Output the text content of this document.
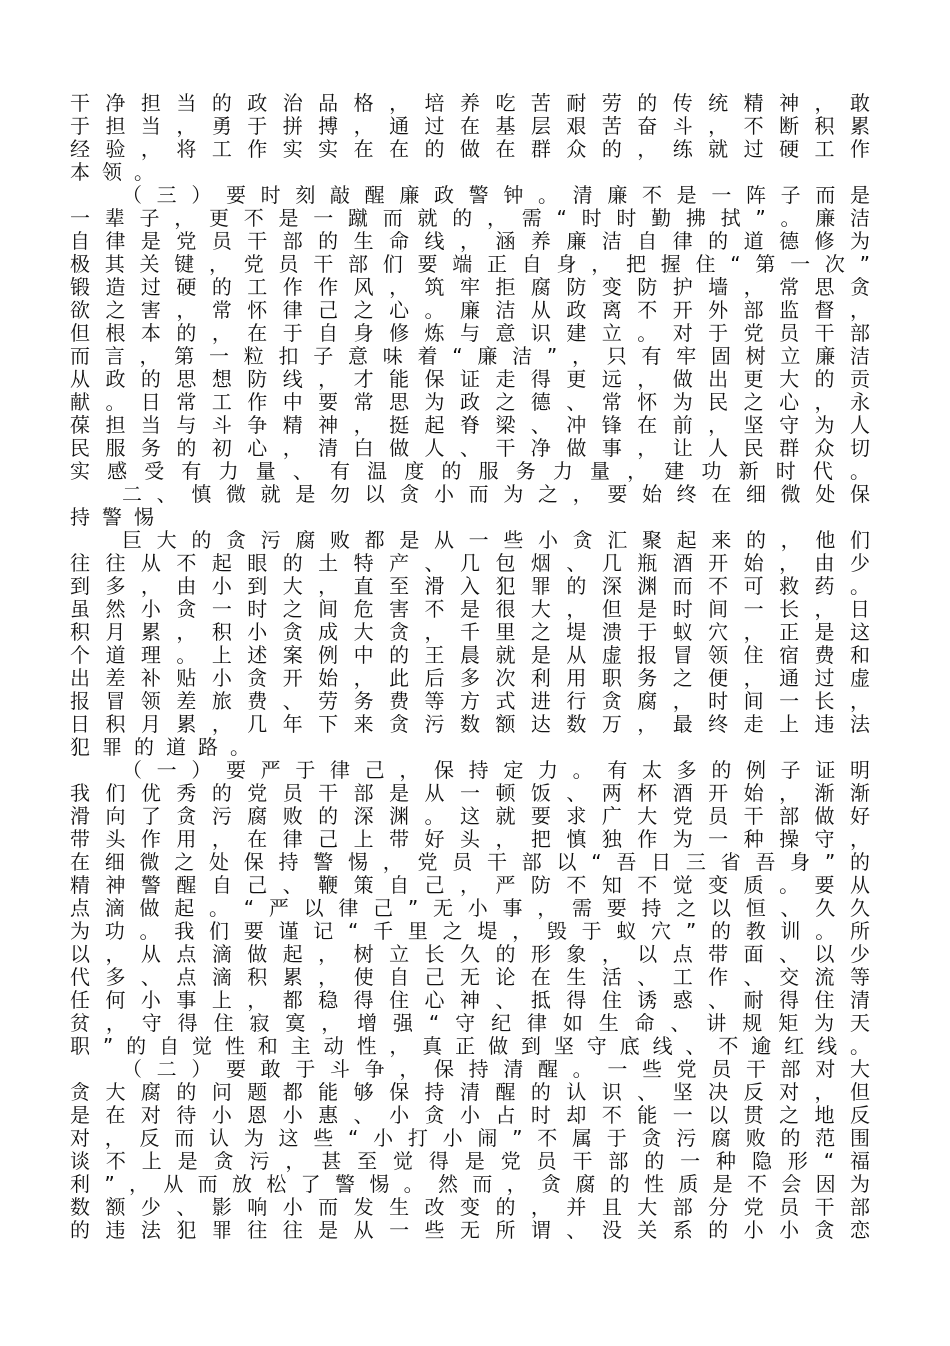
干净担当的政治品格，培养吃苦耐劳的传统精神，敢
于担当，勇于拼搏，通过在基层艰苦奋斗，不断积累
经验，将工作实实在在的做在群众的，练就过硬工作
本领。
（三）要时刻敲醒廉政警钟。清廉不是一阵子而是
一辈子，更不是一蹴而就的，需“时时勤拂拭”。廉洁
自律是党员干部的生命线，涵养廉洁自律的道德修为
极其关键，党员干部们要端正自身，把握住“第一次”
锻造过硬的工作作风，筑牢拒腐防变防护墙，常思贪
欲之害，常怀律己之心。廉洁从政离不开外部监督，
但根本的，在于自身修炼与意识建立。对于党员干部
而言，第一粒扣子意味着“廉洁”，只有牢固树立廉洁
从政的思想防线，才能保证走得更远，做出更大的贡
献。日常工作中要常思为政之德、常怀为民之心，永
葆担当与斗争精神，挺起脊梁、冲锋在前，坚守为人
民服务的初心，清白做人、干净做事，让人民群众切
实感受有力量、有温度的服务力量，建功新时代。
二、慎微就是勿以贪小而为之，要始终在细微处保
持警惕
巨大的贪污腐败都是从一些小贪汇聚起来的，他们
往往从不起眼的土特产、几包烟、几瓶酒开始，由少
到多，由小到大，直至滑入犯罪的深渊而不可救药。
虽然小贪一时之间危害不是很大，但是时间一长，日
积月累，积小贪成大贪，千里之堤溃于蚁穴，正是这
个道理。上述案例中的王晨就是从虚报冒领住宿费和
出差补贴小贪开始，此后多次利用职务之便，通过虚
报冒领差旅费、劳务费等方式进行贪腐，时间一长，
日积月累，几年下来贪污数额达数万，最终走上违法
犯罪的道路。
（一）要严于律己，保持定力。有太多的例子证明
我们优秀的党员干部是从一顿饭、两杯酒开始，渐渐
滑向了贪污腐败的深渊。这就要求广大党员干部做好
带头作用，在律己上带好头，把慎独作为一种操守，
在细微之处保持警惕，党员干部以“吾日三省吾身”的
精神警醒自己、鞭策自己，严防不知不觉变质。要从
点滴做起。“严以律己”无小事，需要持之以恒、久久
为功。我们要谨记“千里之堤，毁于蚁穴”的教训。所
以，从点滴做起，树立长久的形象，以点带面、以少
代多、点滴积累，使自己无论在生活、工作、交流等
任何小事上，都稳得住心神、抵得住诱惑、耐得住清
贫，守得住寂寞，增强“守纪律如生命、讲规矩为天
职”的自觉性和主动性，真正做到坚守底线、不逾红线。
（二）要敢于斗争，保持清醒。一些党员干部对大
贪大腐的问题都能够保持清醒的认识、坚决反对，但
是在对待小恩小惠、小贪小占时却不能一以贯之地反
对，反而认为这些“小打小闹”不属于贪污腐败的范围
谈不上是贪污，甚至觉得是党员干部的一种隐形“福
利”，从而放松了警惕。然而，贪腐的性质是不会因为
数额少、影响小而发生改变的，并且大部分党员干部
的违法犯罪往往是从一些无所谓、没关系的小小贪恋
